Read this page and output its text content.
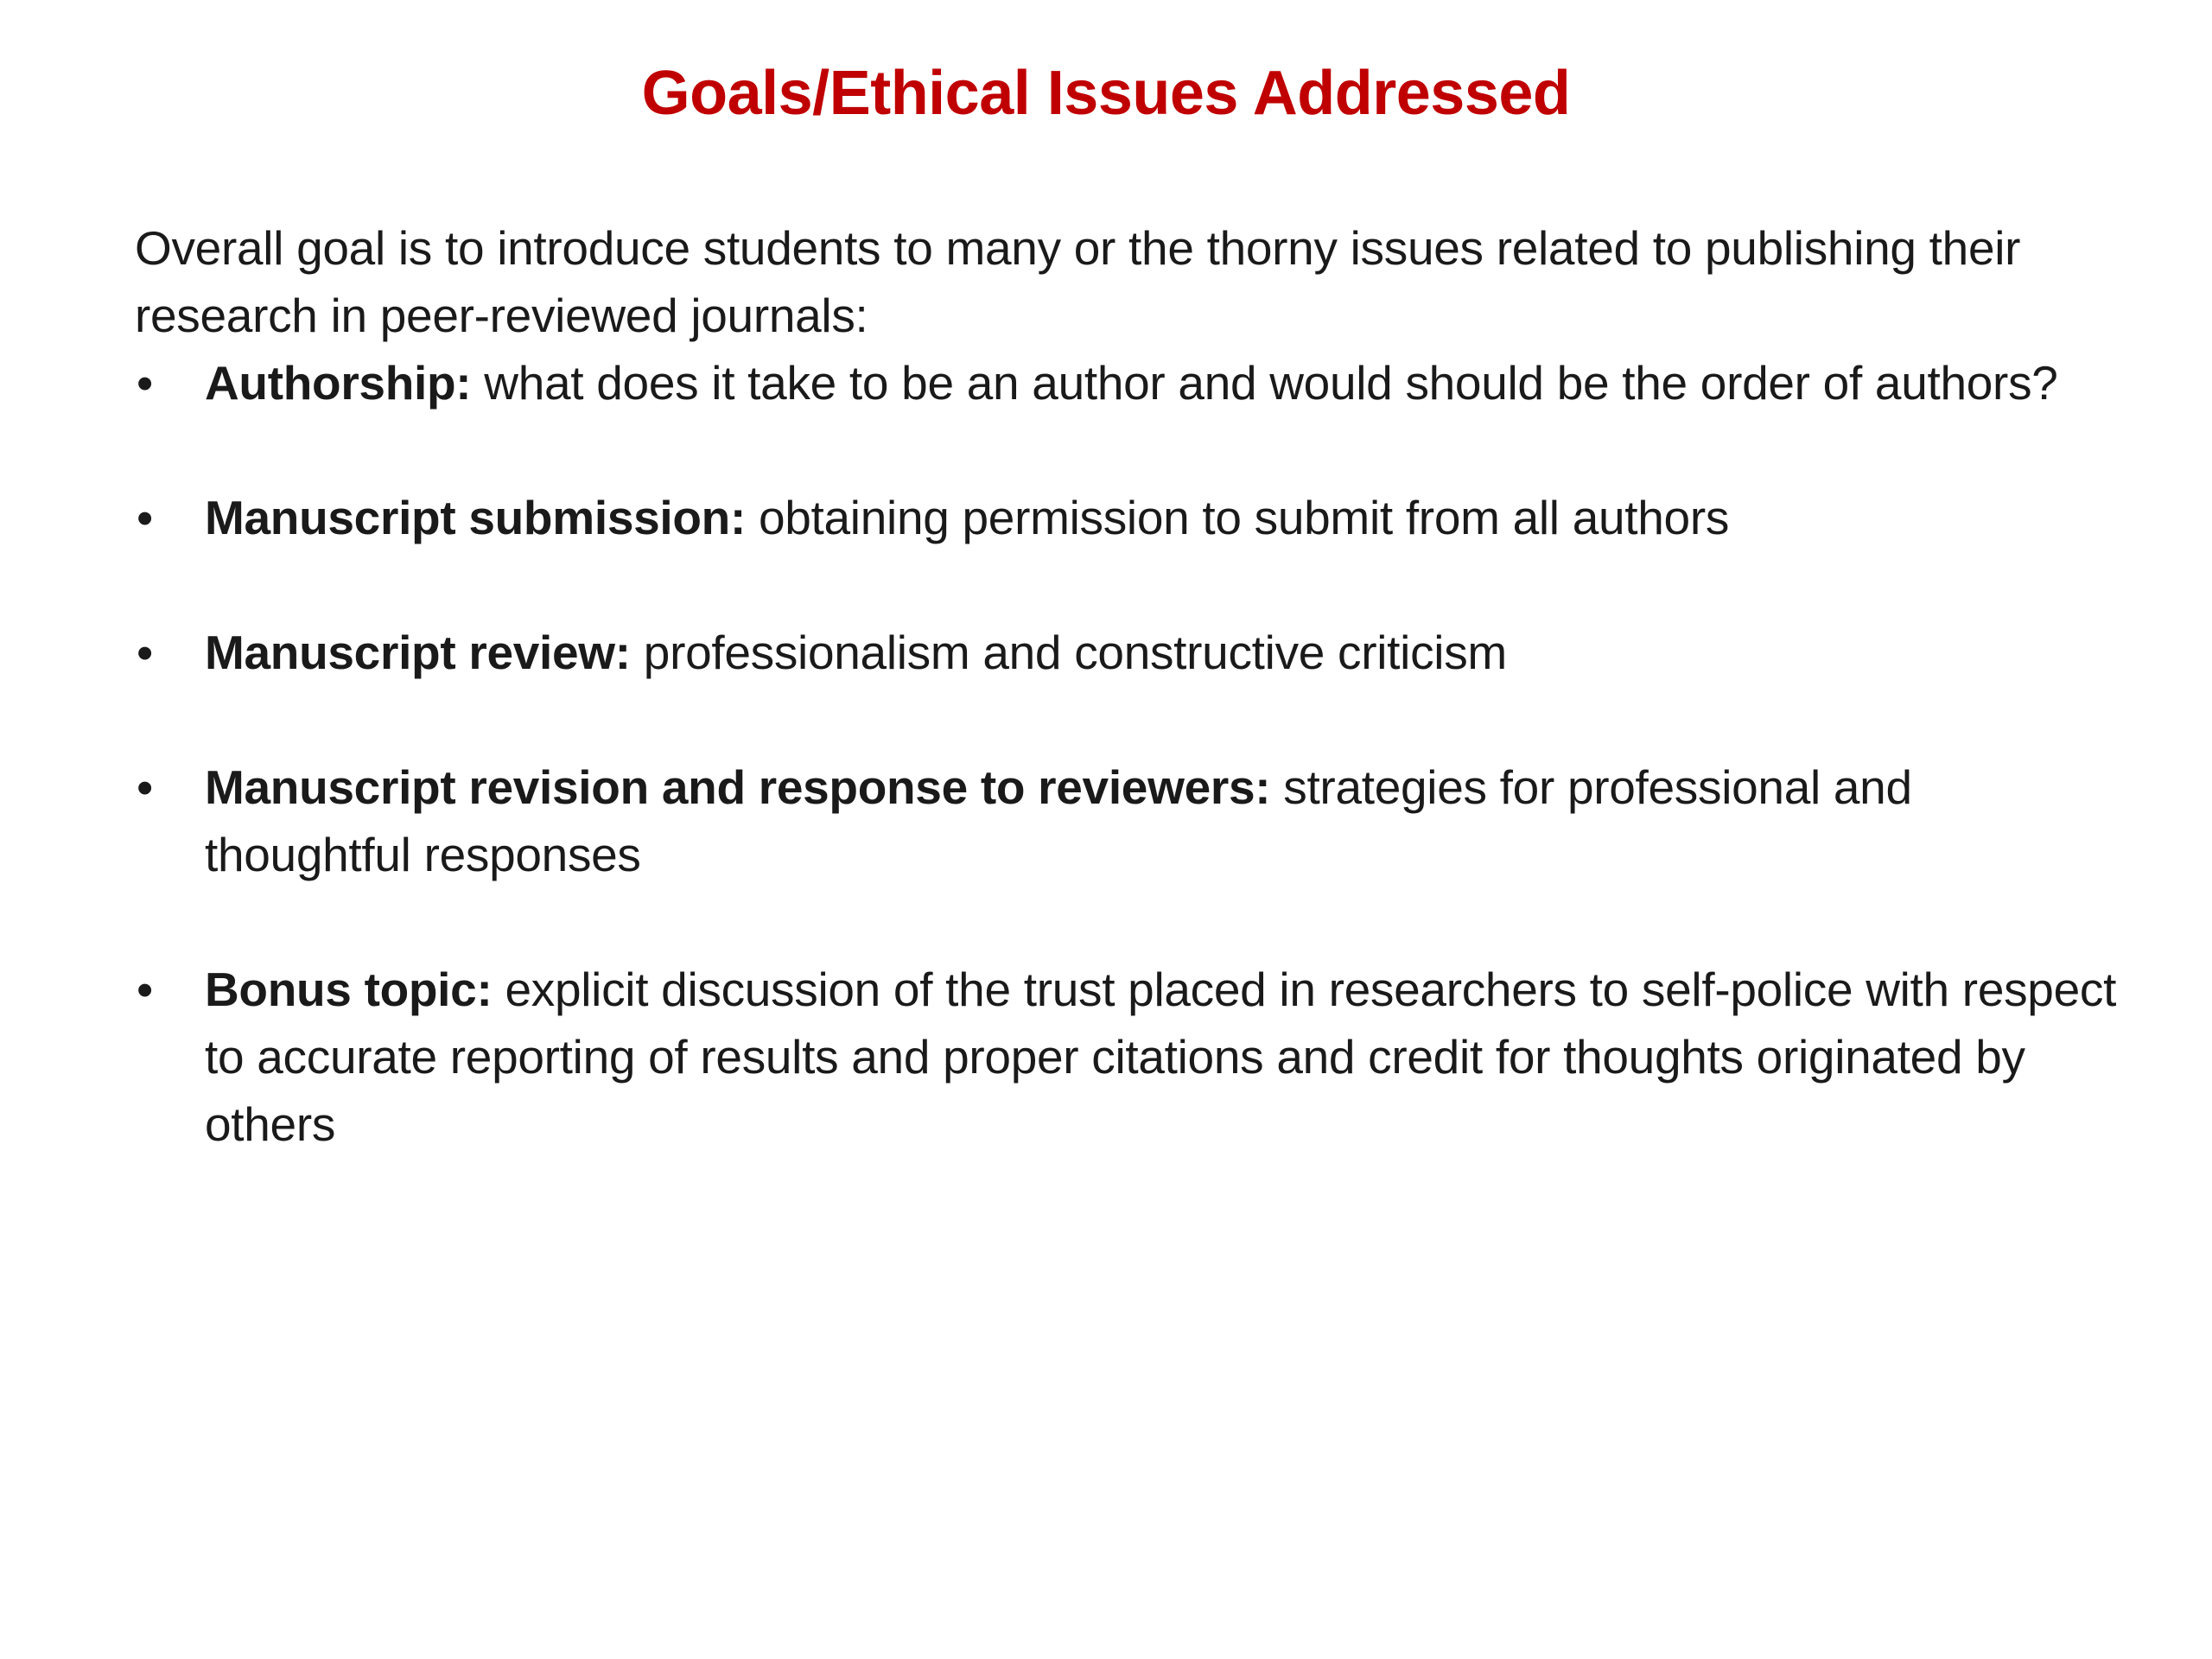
Goals/Ethical Issues Addressed

Overall goal is to introduce students to many or the thorny issues related to publishing their research in peer-reviewed journals:

•	Authorship: what does it take to be an author and would should be the order of authors?
•	Manuscript submission: obtaining permission to submit from all authors
•	Manuscript review: professionalism and constructive criticism
•	Manuscript revision and response to reviewers: strategies for professional and thoughtful responses
•	Bonus topic: explicit discussion of the trust placed in researchers to self-police with respect to accurate reporting of results and proper citations and credit for thoughts originated by others
